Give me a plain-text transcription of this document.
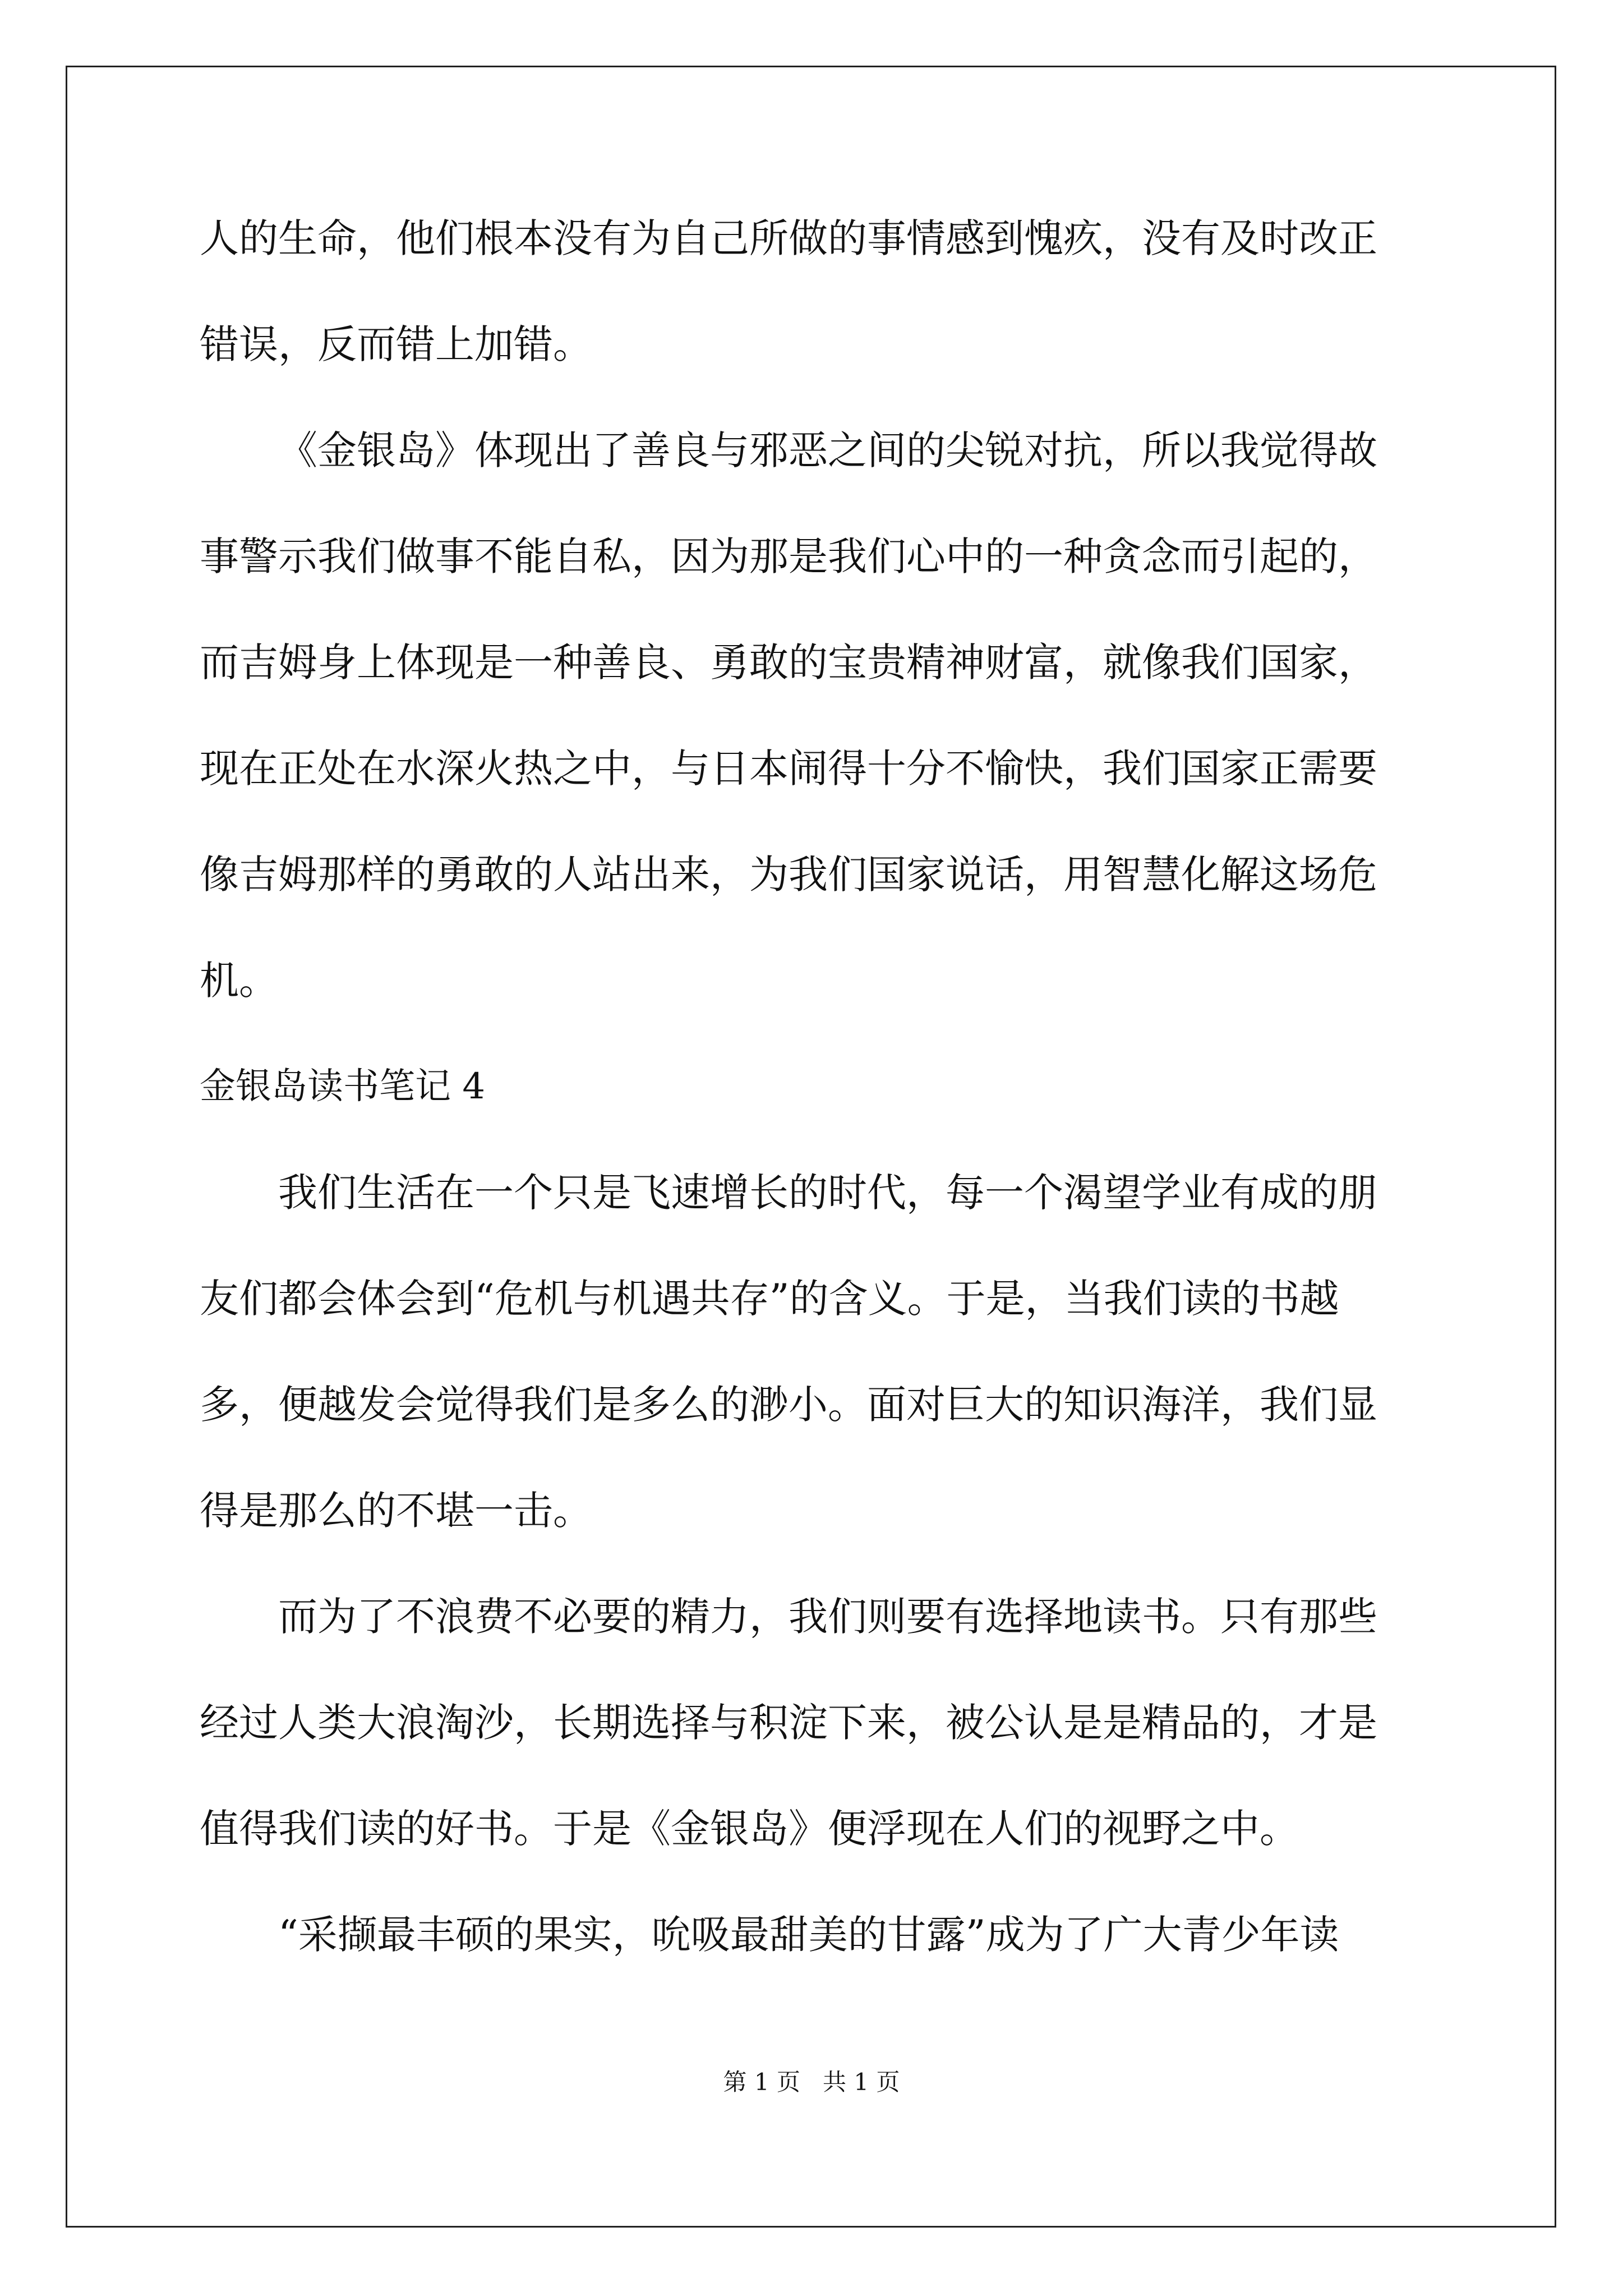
人的生命，他们根本没有为自己所做的事情感到愧疚，没有及时改正
错误，反而错上加错。
《金银岛》体现出了善良与邪恶之间的尖锐对抗，所以我觉得故
事警示我们做事不能自私，因为那是我们心中的一种贪念而引起的，
而吉姆身上体现是一种善良、勇敢的宝贵精神财富，就像我们国家，
现在正处在水深火热之中，与日本闹得十分不愉快，我们国家正需要
像吉姆那样的勇敢的人站出来，为我们国家说话，用智慧化解这场危
机。
金银岛读书笔记 4
我们生活在一个只是飞速增长的时代，每一个渴望学业有成的朋
友们都会体会到“危机与机遇共存”的含义。于是，当我们读的书越
多，便越发会觉得我们是多么的渺小。面对巨大的知识海洋，我们显
得是那么的不堪一击。
而为了不浪费不必要的精力，我们则要有选择地读书。只有那些
经过人类大浪淘沙，长期选择与积淀下来，被公认是是精品的，才是
值得我们读的好书。于是《金银岛》便浮现在人们的视野之中。
“采撷最丰硕的果实，吮吸最甜美的甘露”成为了广大青少年读
第 1 页   共 1 页
